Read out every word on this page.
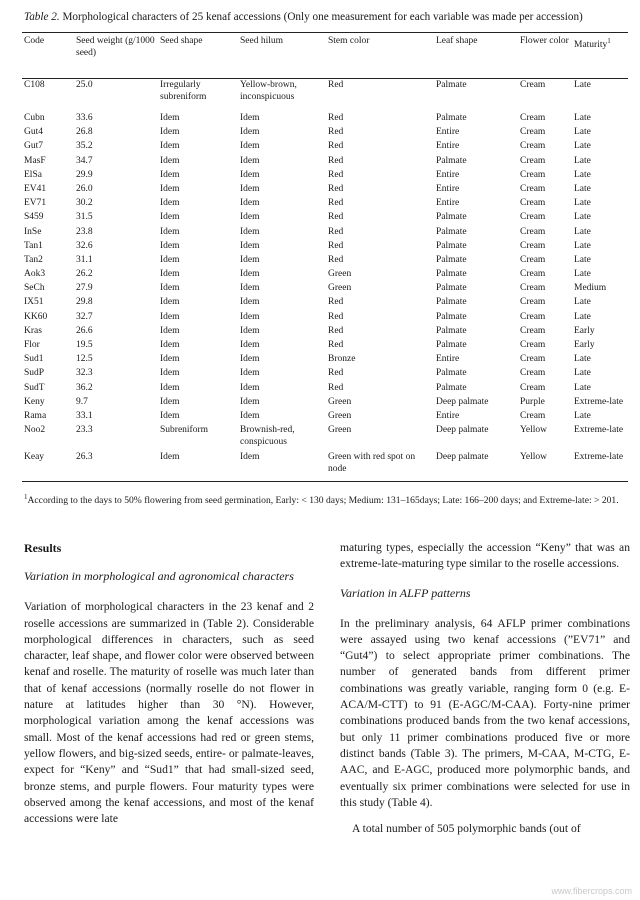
Table 2. Morphological characters of 25 kenaf accessions (Only one measurement for each variable was made per accession)
Code	Seed weight (g/1000 seed)	Seed shape	Seed hilum	Stem color	Leaf shape	Flower color	Maturity$^1$
C108	25.0	Irregularly subreniform	Yellow-brown, inconspicuous	Red	Palmate	Cream	Late

Cubn	33.6	Idem	Idem	Red	Palmate	Cream	Late
Gut4	26.8	Idem	Idem	Red	Entire	Cream	Late
Gut7	35.2	Idem	Idem	Red	Entire	Cream	Late
MasF	34.7	Idem	Idem	Red	Palmate	Cream	Late
ElSa	29.9	Idem	Idem	Red	Entire	Cream	Late
EV41	26.0	Idem	Idem	Red	Entire	Cream	Late
EV71	30.2	Idem	Idem	Red	Entire	Cream	Late
S459	31.5	Idem	Idem	Red	Palmate	Cream	Late
InSe	23.8	Idem	Idem	Red	Palmate	Cream	Late
Tan1	32.6	Idem	Idem	Red	Palmate	Cream	Late
Tan2	31.1	Idem	Idem	Red	Palmate	Cream	Late
Aok3	26.2	Idem	Idem	Green	Palmate	Cream	Late
SeCh	27.9	Idem	Idem	Green	Palmate	Cream	Medium
IX51	29.8	Idem	Idem	Red	Palmate	Cream	Late
KK60	32.7	Idem	Idem	Red	Palmate	Cream	Late
Kras	26.6	Idem	Idem	Red	Palmate	Cream	Early
Flor	19.5	Idem	Idem	Red	Palmate	Cream	Early
Sud1	12.5	Idem	Idem	Bronze	Entire	Cream	Late
SudP	32.3	Idem	Idem	Red	Palmate	Cream	Late
SudT	36.2	Idem	Idem	Red	Palmate	Cream	Late
Keny	9.7	Idem	Idem	Green	Deep palmate	Purple	Extreme-late
Rama	33.1	Idem	Idem	Green	Entire	Cream	Late
Noo2	23.3	Subreniform	Brownish-red, conspicuous	Green	Deep palmate	Yellow	Extreme-late
Keay	26.3	Idem	Idem	Green with red spot on node	Deep palmate	Yellow	Extreme-late
$^1$According to the days to 50% flowering from seed germination, Early: < 130 days; Medium: 131–165days; Late: 166–200 days; and Extreme-late: > 201.

Results

Variation in morphological and agronomical characters

Variation of morphological characters in the 23 kenaf and 2 roselle accessions are summarized in (Table 2). Considerable morphological differences in characters, such as seed character, leaf shape, and flower color were observed between kenaf and roselle. The maturity of roselle was much later than that of kenaf accessions (normally roselle do not flower in nature at latitudes higher than 30 °N). However, morphological variation among the kenaf accessions was small. Most of the kenaf accessions had red or green stems, yellow flowers, and big-sized seeds, entire- or palmate-leaves, expect for “Keny” and “Sud1” that had small-sized seed, bronze stems, and purple flowers. Four maturity types were observed among the kenaf accessions, and most of the kenaf accessions were late

maturing types, especially the accession “Keny” that was an extreme-late-maturing type similar to the roselle accessions.

Variation in ALFP patterns

In the preliminary analysis, 64 AFLP primer combinations were assayed using two kenaf accessions (”EV71” and “Gut4”) to select appropriate primer combinations. The number of generated bands from different primer combinations was greatly variable, ranging form 0 (e.g. E-ACA/M-CTT) to 91 (E-AGC/M-CAA). Forty-nine primer combinations produced bands from the two kenaf accessions, but only 11 primer combinations produced five or more distinct bands (Table 3). The primers, M-CAA, M-CTG, E-AAC, and E-AGC, produced more polymorphic bands, and eventually six primer combinations were selected for use in this study (Table 4).

A total number of 505 polymorphic bands (out of

www.fibercrops.com
